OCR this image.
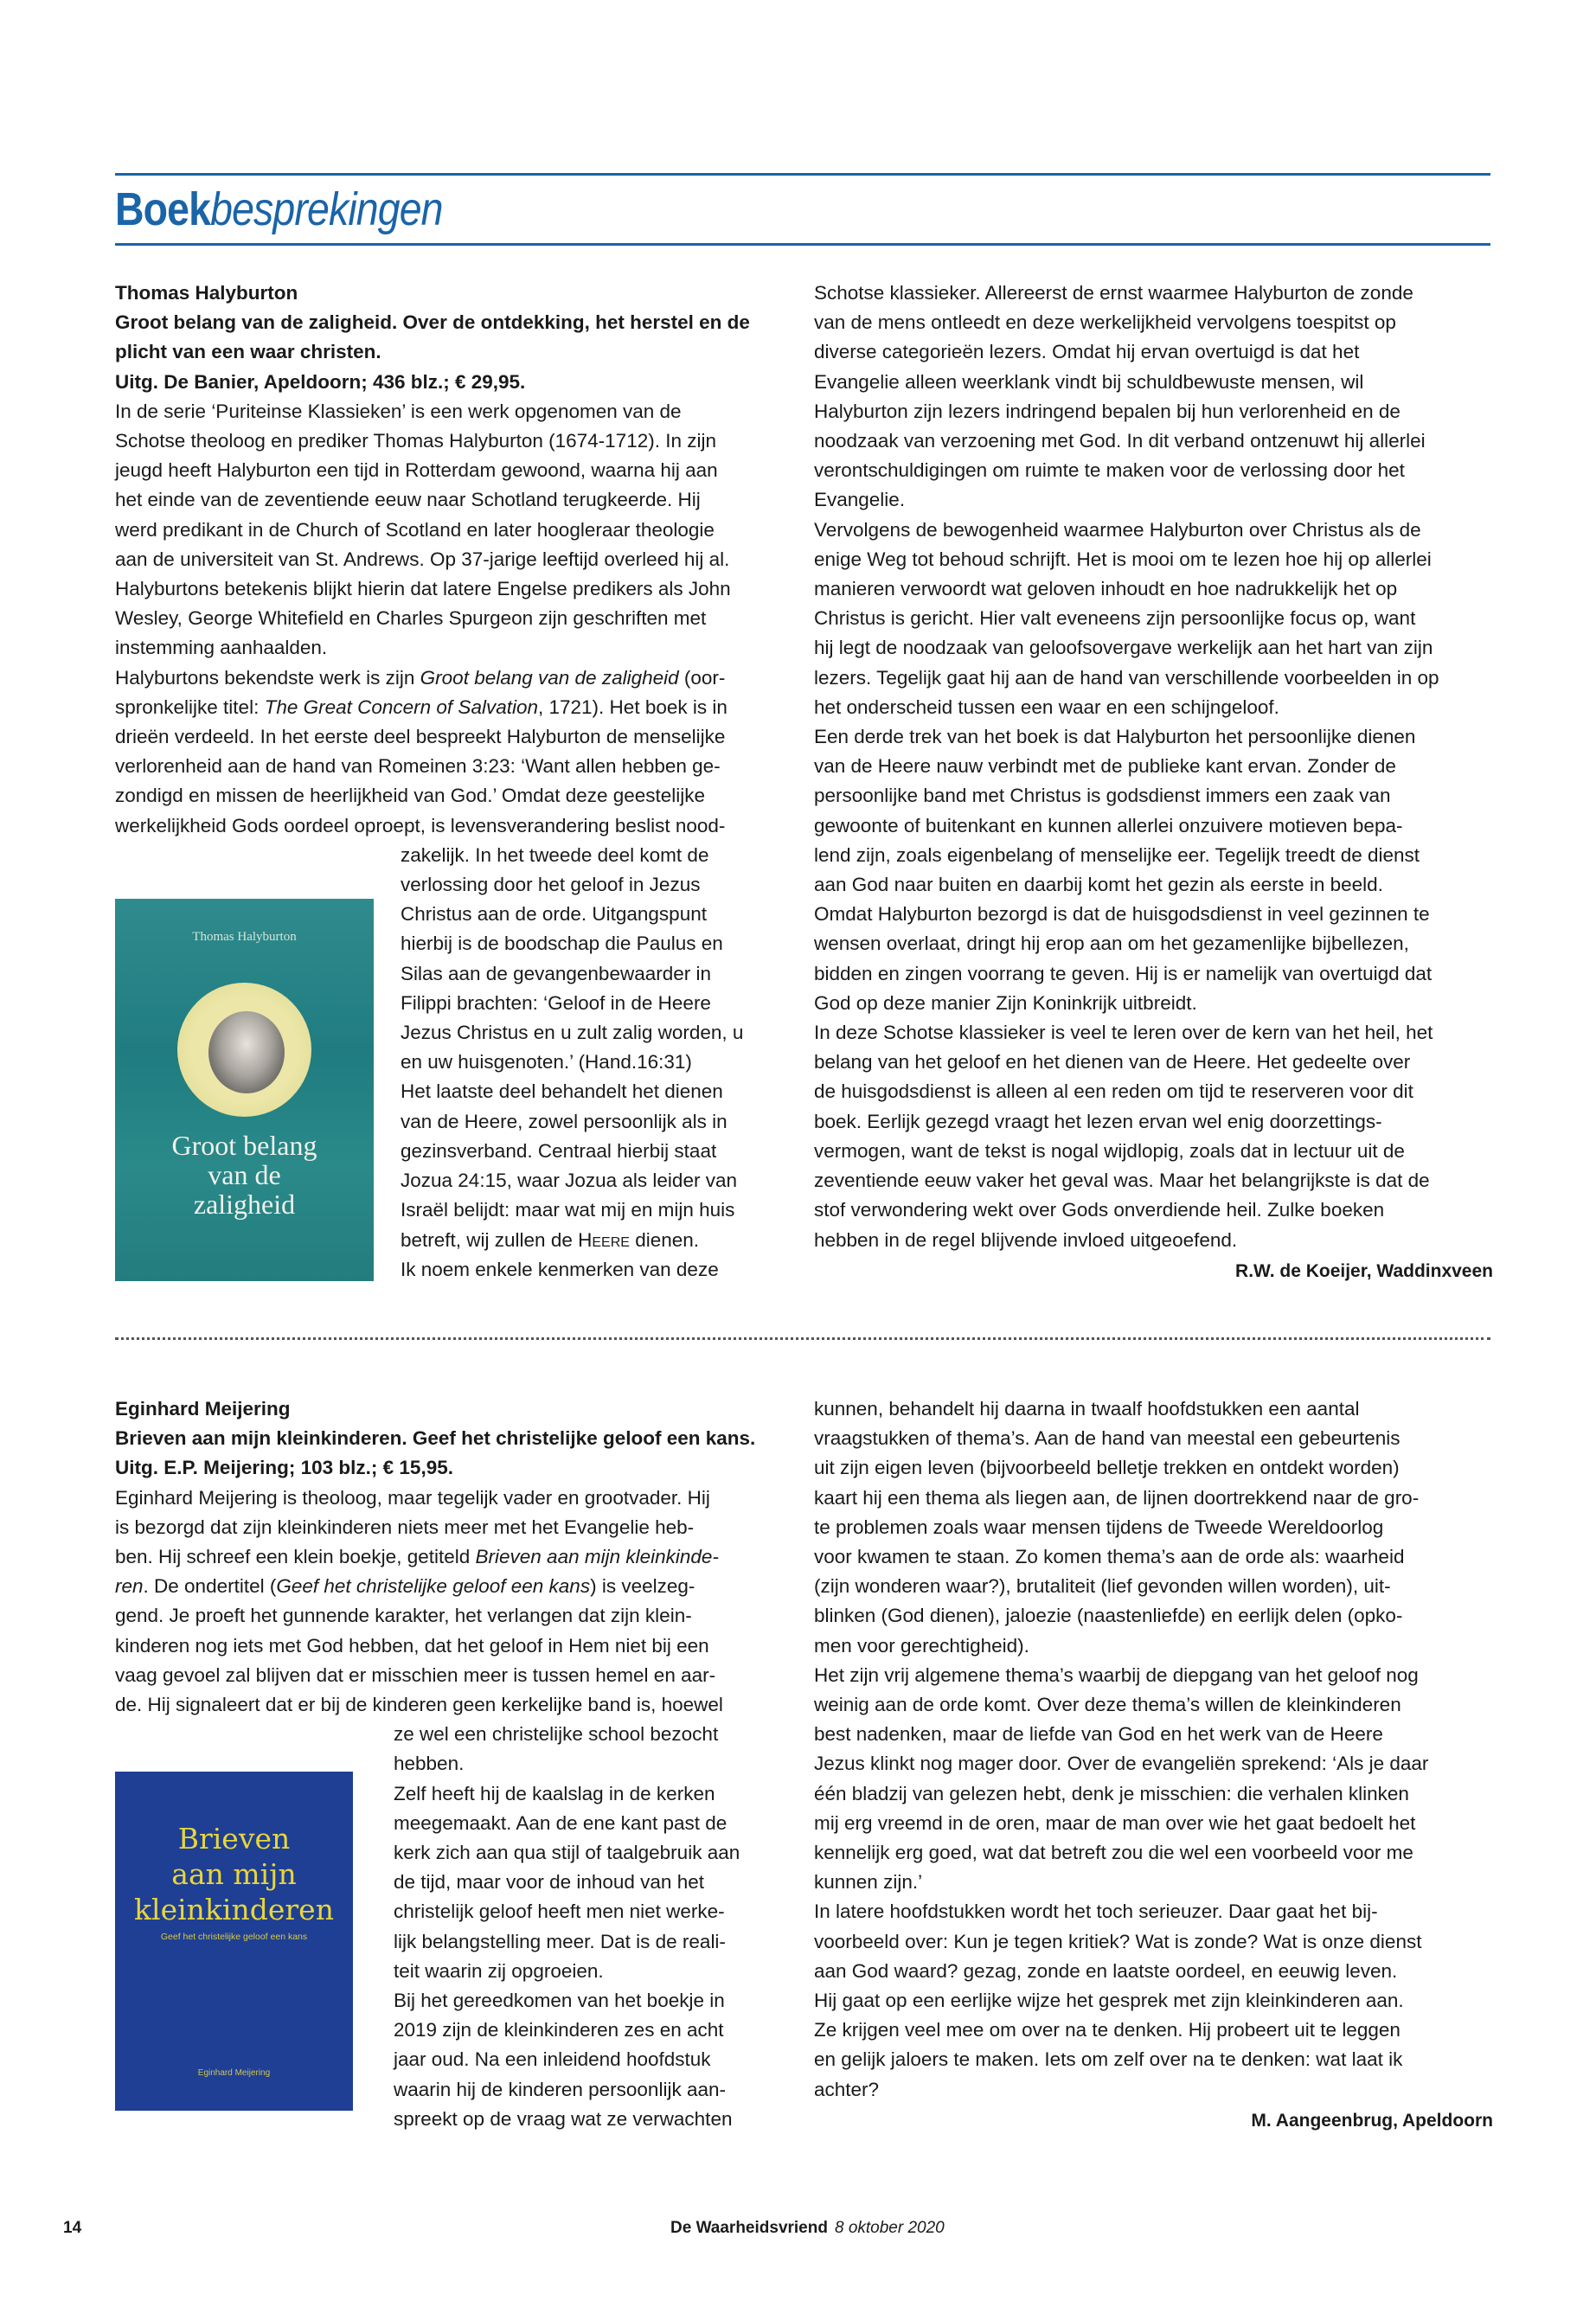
Boekbesprekingen
Thomas Halyburton
Groot belang van de zaligheid. Over de ontdekking, het herstel en de
plicht van een waar christen.
Uitg. De Banier, Apeldoorn; 436 blz.; € 29,95.
In de serie ‘Puriteinse Klassieken’ is een werk opgenomen van de
Schotse theoloog en prediker Thomas Halyburton (1674-1712). In zijn
jeugd heeft Halyburton een tijd in Rotterdam gewoond, waarna hij aan
het einde van de zeventiende eeuw naar Schotland terugkeerde. Hij
werd predikant in de Church of Scotland en later hoogleraar theologie
aan de universiteit van St. Andrews. Op 37-jarige leeftijd overleed hij al.
Halyburtons betekenis blijkt hierin dat latere Engelse predikers als John
Wesley, George Whitefield en Charles Spurgeon zijn geschriften met
instemming aanhaalden.
Halyburtons bekendste werk is zijn Groot belang van de zaligheid (oor-
spronkelijke titel: The Great Concern of Salvation, 1721). Het boek is in
drieën verdeeld. In het eerste deel bespreekt Halyburton de menselijke
verlorenheid aan de hand van Romeinen 3:23: ‘Want allen hebben ge-
zondigd en missen de heerlijkheid van God.’ Omdat deze geestelijke
werkelijkheid Gods oordeel oproept, is levensverandering beslist nood-
zakelijk. In het tweede deel komt de
verlossing door het geloof in Jezus
Christus aan de orde. Uitgangspunt
hierbij is de boodschap die Paulus en
Silas aan de gevangenbewaarder in
Filippi brachten: ‘Geloof in de Heere
Jezus Christus en u zult zalig worden, u
en uw huisgenoten.’ (Hand.16:31)
Het laatste deel behandelt het dienen
van de Heere, zowel persoonlijk als in
gezinsverband. Centraal hierbij staat
Jozua 24:15, waar Jozua als leider van
Israël belijdt: maar wat mij en mijn huis
betreft, wij zullen de Heere dienen.
Ik noem enkele kenmerken van deze
Thomas Halyburton
Groot belang
van de
zaligheid
Schotse klassieker. Allereerst de ernst waarmee Halyburton de zonde
van de mens ontleedt en deze werkelijkheid vervolgens toespitst op
diverse categorieën lezers. Omdat hij ervan overtuigd is dat het
Evangelie alleen weerklank vindt bij schuldbewuste mensen, wil
Halyburton zijn lezers indringend bepalen bij hun verlorenheid en de
noodzaak van verzoening met God. In dit verband ontzenuwt hij allerlei
verontschuldigingen om ruimte te maken voor de verlossing door het
Evangelie.
Vervolgens de bewogenheid waarmee Halyburton over Christus als de
enige Weg tot behoud schrijft. Het is mooi om te lezen hoe hij op allerlei
manieren verwoordt wat geloven inhoudt en hoe nadrukkelijk het op
Christus is gericht. Hier valt eveneens zijn persoonlijke focus op, want
hij legt de noodzaak van geloofsovergave werkelijk aan het hart van zijn
lezers. Tegelijk gaat hij aan de hand van verschillende voorbeelden in op
het onderscheid tussen een waar en een schijngeloof.
Een derde trek van het boek is dat Halyburton het persoonlijke dienen
van de Heere nauw verbindt met de publieke kant ervan. Zonder de
persoonlijke band met Christus is godsdienst immers een zaak van
gewoonte of buitenkant en kunnen allerlei onzuivere motieven bepa-
lend zijn, zoals eigenbelang of menselijke eer. Tegelijk treedt de dienst
aan God naar buiten en daarbij komt het gezin als eerste in beeld.
Omdat Halyburton bezorgd is dat de huisgodsdienst in veel gezinnen te
wensen overlaat, dringt hij erop aan om het gezamenlijke bijbellezen,
bidden en zingen voorrang te geven. Hij is er namelijk van overtuigd dat
God op deze manier Zijn Koninkrijk uitbreidt.
In deze Schotse klassieker is veel te leren over de kern van het heil, het
belang van het geloof en het dienen van de Heere. Het gedeelte over
de huisgodsdienst is alleen al een reden om tijd te reserveren voor dit
boek. Eerlijk gezegd vraagt het lezen ervan wel enig doorzettings-
vermogen, want de tekst is nogal wijdlopig, zoals dat in lectuur uit de
zeventiende eeuw vaker het geval was. Maar het belangrijkste is dat de
stof verwondering wekt over Gods onverdiende heil. Zulke boeken
hebben in de regel blijvende invloed uitgeoefend.
R.W. de Koeijer, Waddinxveen
Eginhard Meijering
Brieven aan mijn kleinkinderen. Geef het christelijke geloof een kans.
Uitg. E.P. Meijering; 103 blz.; € 15,95.
Eginhard Meijering is theoloog, maar tegelijk vader en grootvader. Hij
is bezorgd dat zijn kleinkinderen niets meer met het Evangelie heb-
ben. Hij schreef een klein boekje, getiteld Brieven aan mijn kleinkinde-
ren. De ondertitel (Geef het christelijke geloof een kans) is veelzeg-
gend. Je proeft het gunnende karakter, het verlangen dat zijn klein-
kinderen nog iets met God hebben, dat het geloof in Hem niet bij een
vaag gevoel zal blijven dat er misschien meer is tussen hemel en aar-
de. Hij signaleert dat er bij de kinderen geen kerkelijke band is, hoewel
ze wel een christelijke school bezocht
hebben.
Zelf heeft hij de kaalslag in de kerken
meegemaakt. Aan de ene kant past de
kerk zich aan qua stijl of taalgebruik aan
de tijd, maar voor de inhoud van het
christelijk geloof heeft men niet werke-
lijk belangstelling meer. Dat is de reali-
teit waarin zij opgroeien.
Bij het gereedkomen van het boekje in
2019 zijn de kleinkinderen zes en acht
jaar oud. Na een inleidend hoofdstuk
waarin hij de kinderen persoonlijk aan-
spreekt op de vraag wat ze verwachten
Brieven
aan mijn
kleinkinderen
Geef het christelijke geloof een kans
Eginhard Meijering
kunnen, behandelt hij daarna in twaalf hoofdstukken een aantal
vraagstukken of thema’s. Aan de hand van meestal een gebeurtenis
uit zijn eigen leven (bijvoorbeeld belletje trekken en ontdekt worden)
kaart hij een thema als liegen aan, de lijnen doortrekkend naar de gro-
te problemen zoals waar mensen tijdens de Tweede Wereldoorlog
voor kwamen te staan. Zo komen thema’s aan de orde als: waarheid
(zijn wonderen waar?), brutaliteit (lief gevonden willen worden), uit-
blinken (God dienen), jaloezie (naastenliefde) en eerlijk delen (opko-
men voor gerechtigheid).
Het zijn vrij algemene thema’s waarbij de diepgang van het geloof nog
weinig aan de orde komt. Over deze thema’s willen de kleinkinderen
best nadenken, maar de liefde van God en het werk van de Heere
Jezus klinkt nog mager door. Over de evangeliën sprekend: ‘Als je daar
één bladzij van gelezen hebt, denk je misschien: die verhalen klinken
mij erg vreemd in de oren, maar de man over wie het gaat bedoelt het
kennelijk erg goed, wat dat betreft zou die wel een voorbeeld voor me
kunnen zijn.’
In latere hoofdstukken wordt het toch serieuzer. Daar gaat het bij-
voorbeeld over: Kun je tegen kritiek? Wat is zonde? Wat is onze dienst
aan God waard? gezag, zonde en laatste oordeel, en eeuwig leven.
Hij gaat op een eerlijke wijze het gesprek met zijn kleinkinderen aan.
Ze krijgen veel mee om over na te denken. Hij probeert uit te leggen
en gelijk jaloers te maken. Iets om zelf over na te denken: wat laat ik
achter?
M. Aangeenbrug, Apeldoorn
14	De Waarheidsvriend 8 oktober 2020
